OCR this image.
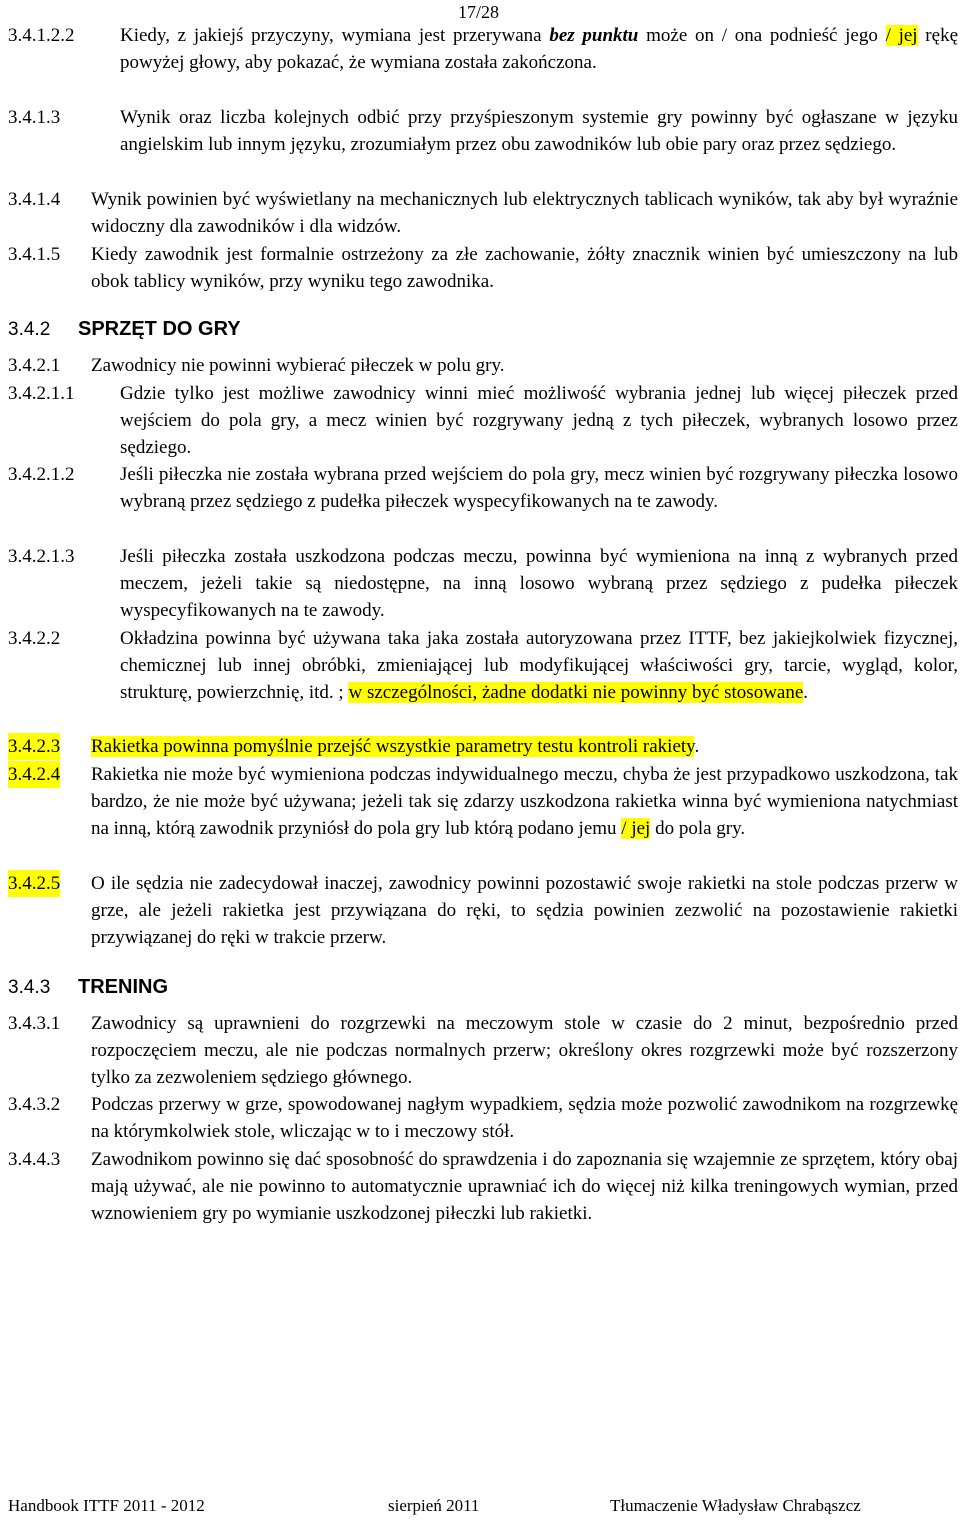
17/28
3.4.1.2.2 Kiedy, z jakiejś przyczyny, wymiana jest przerywana bez punktu może on / ona podnieść jego / jej rękę powyżej głowy, aby pokazać, że wymiana została zakończona.
3.4.1.3	Wynik oraz liczba kolejnych odbić przy przyśpieszonym systemie gry powinny być ogłaszane w języku angielskim lub innym języku, zrozumiałym przez obu zawodników lub obie pary oraz przez sędziego.
3.4.1.4 Wynik powinien być wyświetlany na mechanicznych lub elektrycznych tablicach wyników, tak aby był wyraźnie widoczny dla zawodników i dla widzów.
3.4.1.5 Kiedy zawodnik jest formalnie ostrzeżony za złe zachowanie, żółty znacznik winien być umieszczony na lub obok tablicy wyników, przy wyniku tego zawodnika.
3.4.2.1 Zawodnicy nie powinni wybierać piłeczek w polu gry.
3.4.2.1.1 Gdzie tylko jest możliwe zawodnicy winni mieć możliwość wybrania jednej lub więcej piłeczek przed wejściem do pola gry, a mecz winien być rozgrywany jedną z tych piłeczek, wybranych losowo przez sędziego.
3.4.2.1.2 Jeśli piłeczka nie została wybrana przed wejściem do pola gry, mecz winien być rozgrywany piłeczka losowo wybraną przez sędziego z pudełka piłeczek wyspecyfikowanych na te zawody.
3.4.2.1.3 Jeśli piłeczka została uszkodzona podczas meczu, powinna być wymieniona na inną z wybranych przed meczem, jeżeli takie są niedostępne, na inną losowo wybraną przez sędziego z pudełka piłeczek wyspecyfikowanych na te zawody.
3.4.2.2	Okładzina powinna być używana taka jaka została autoryzowana przez ITTF, bez jakiejkolwiek fizycznej, chemicznej lub innej obróbki, zmieniającej lub modyfikującej właściwości gry, tarcie, wygląd, kolor, strukturę, powierzchnię, itd. ; w szczególności, żadne dodatki nie powinny być stosowane.
3.4.2.3 Rakietka powinna pomyślnie przejść wszystkie parametry testu kontroli rakiety.
3.4.2.4 Rakietka nie może być wymieniona podczas indywidualnego meczu, chyba że jest przypadkowo uszkodzona, tak bardzo, że nie może być używana; jeżeli tak się zdarzy uszkodzona rakietka winna być wymieniona natychmiast na inną, którą zawodnik przyniósł do pola gry lub którą podano jemu / jej do pola gry.
3.4.2.5 O ile sędzia nie zadecydował inaczej, zawodnicy powinni pozostawić swoje rakietki na stole podczas przerw w grze, ale jeżeli rakietka jest przywiązana do ręki, to sędzia powinien zezwolić na pozostawienie rakietki przywiązanej do ręki w trakcie przerw.
3.4.3.1 Zawodnicy są uprawnieni do rozgrzewki na meczowym stole w czasie do 2 minut, bezpośrednio przed rozpoczęciem meczu, ale nie podczas normalnych przerw; określony okres rozgrzewki może być rozszerzony tylko za zezwoleniem sędziego głównego.
3.4.3.2 Podczas przerwy w grze, spowodowanej nagłym wypadkiem, sędzia może pozwolić zawodnikom na rozgrzewkę na którymkolwiek stole, wliczając w to i meczowy stół.
3.4.4.3 Zawodnikom powinno się dać sposobność do sprawdzenia i do zapoznania się wzajemnie ze sprzętem, który obaj mają używać, ale nie powinno to automatycznie uprawniać ich do więcej niż kilka treningowych wymian, przed wznowieniem gry po wymianie uszkodzonej piłeczki lub rakietki.
3.4.2 SPRZĘT DO GRY
3.4.3 TRENING
Handbook ITTF 2011 - 2012	sierpień 2011	Tłumaczenie Władysław Chrabąszcz
